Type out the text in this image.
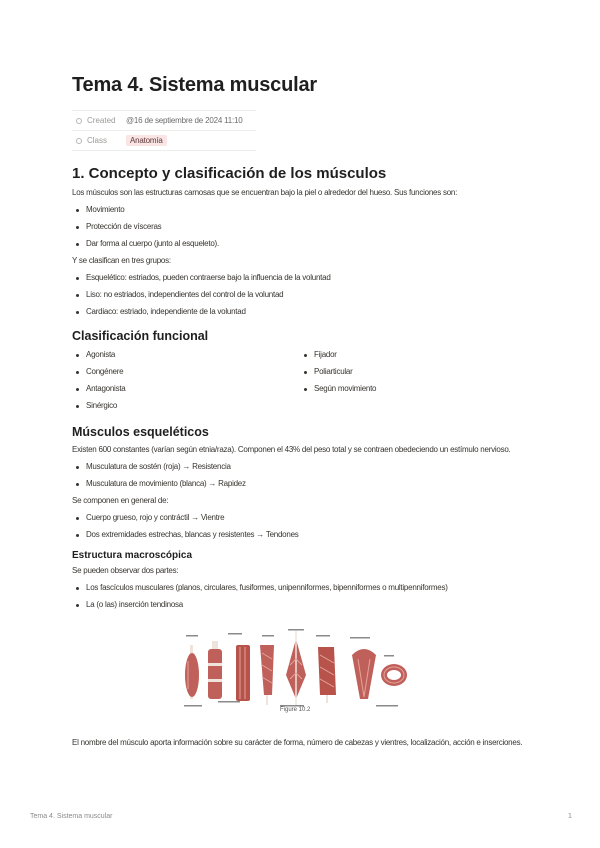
Tema 4. Sistema muscular
Created @16 de septiembre de 2024 11:10
Class	Anatomía
1. Concepto y clasificación de los músculos

Los músculos son las estructuras carnosas que se encuentran bajo la piel o alrededor del hueso. Sus funciones son:

Movimiento
Protección de vísceras
Dar forma al cuerpo (junto al esqueleto).

Y se clasifican en tres grupos:

Esquelético: estriados, pueden contraerse bajo la influencia de la voluntad
Liso: no estriados, independientes del control de la voluntad
Cardiaco: estriado, independiente de la voluntad
Clasificación funcional
Agonista
Congénere
Antagonista
Sinérgico
Fijador
Poliarticular
Según movimiento
Músculos esqueléticos

Existen 600 constantes (varían según etnia/raza). Componen el 43% del peso total y se contraen obedeciendo un estímulo nervioso.

Musculatura de sostén (roja) → Resistencia
Musculatura de movimiento (blanca) → Rapidez

Se componen en general de:

Cuerpo grueso, rojo y contráctil → Vientre
Dos extremidades estrechas, blancas y resistentes → Tendones
Estructura macroscópica

Se pueden observar dos partes:

Los fascículos musculares (planos, circulares, fusiformes, unipenniformes, bipenniformes o multipenniformes)
La (o las) inserción tendinosa
Figure 10.2

El nombre del músculo aporta información sobre su carácter de forma, número de cabezas y vientres, localización, acción e inserciones.

Tema 4. Sistema muscular	1
